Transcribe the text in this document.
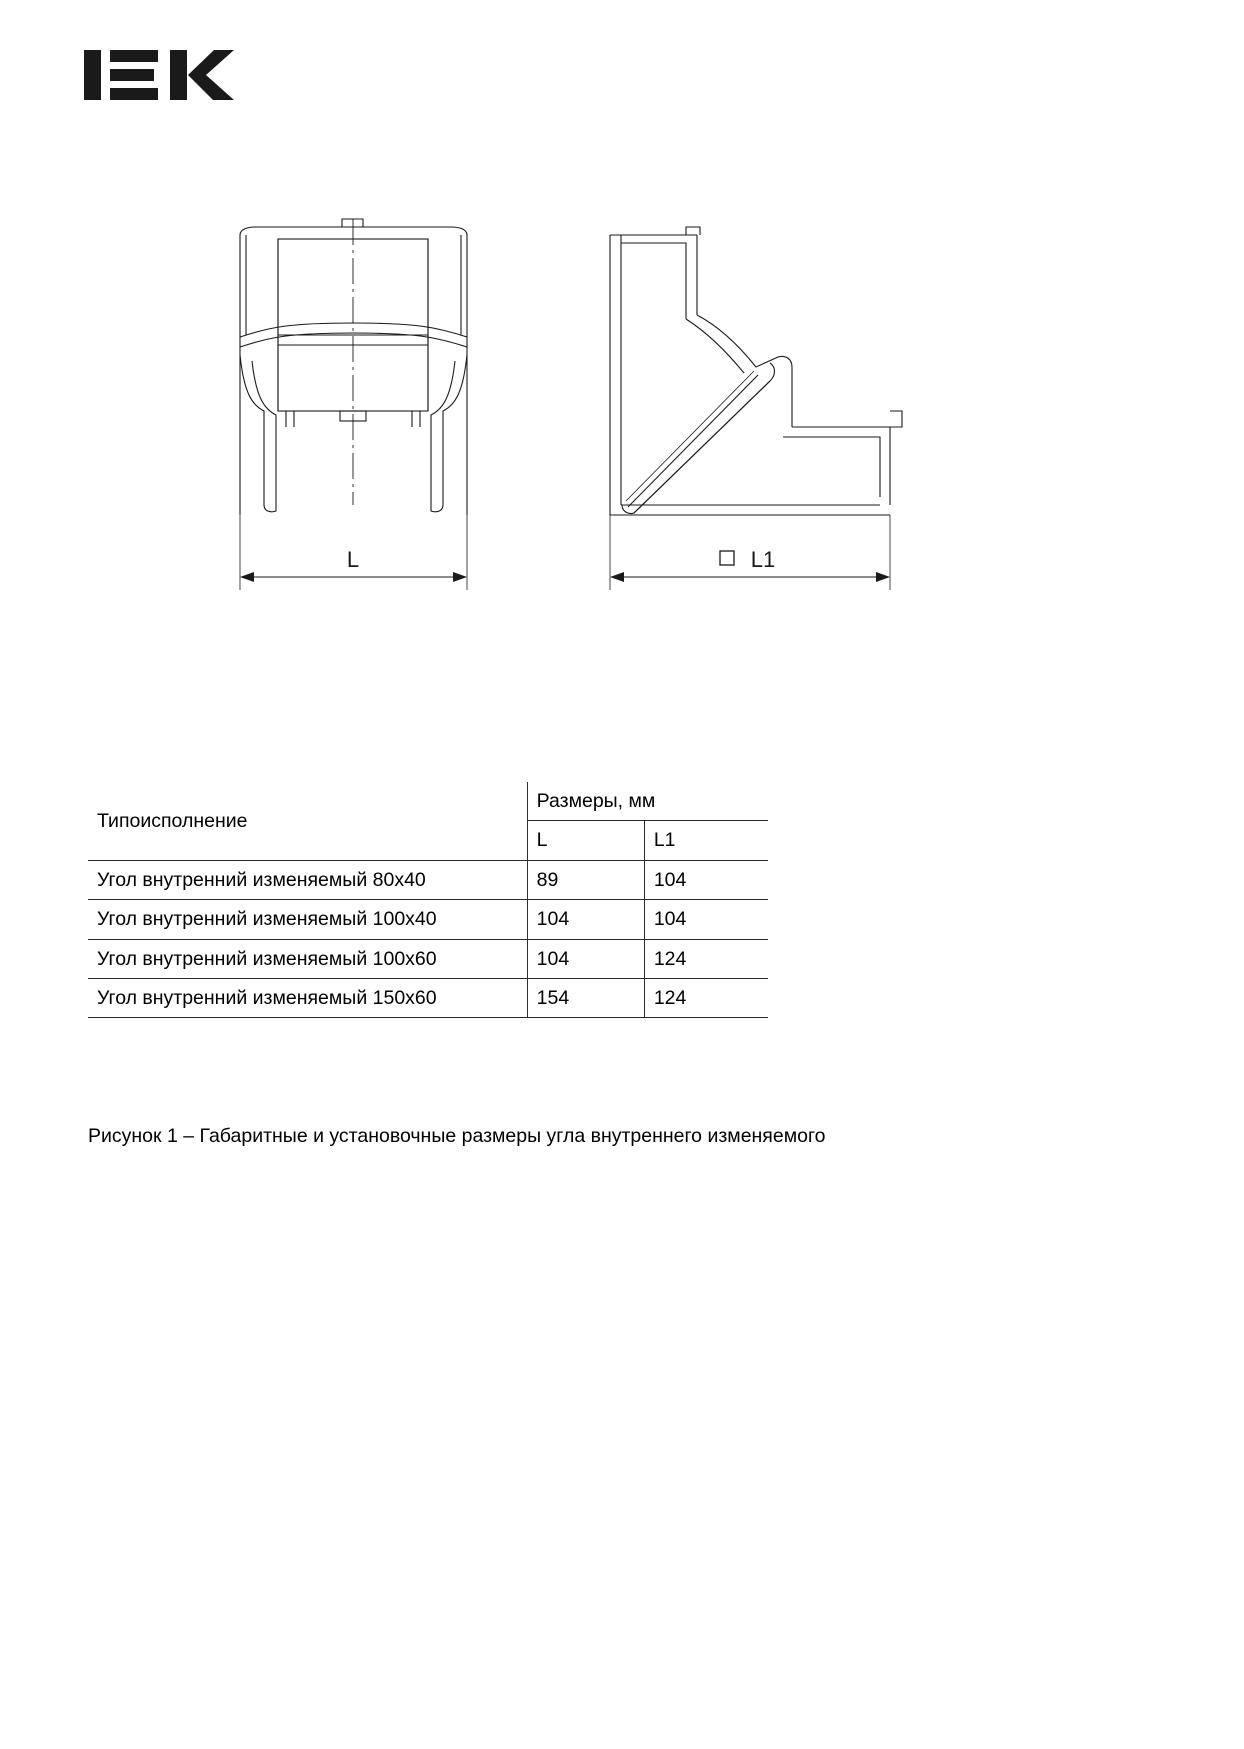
L	L1
Типоисполнение	Размеры, мм	
	L	L1
Угол внутренний изменяемый 80х40	89	104
Угол внутренний изменяемый 100х40	104	104
Угол внутренний изменяемый 100х60	104	124
Угол внутренний изменяемый 150х60	154	124
Рисунок 1 – Габаритные и установочные размеры угла внутреннего изменяемого
